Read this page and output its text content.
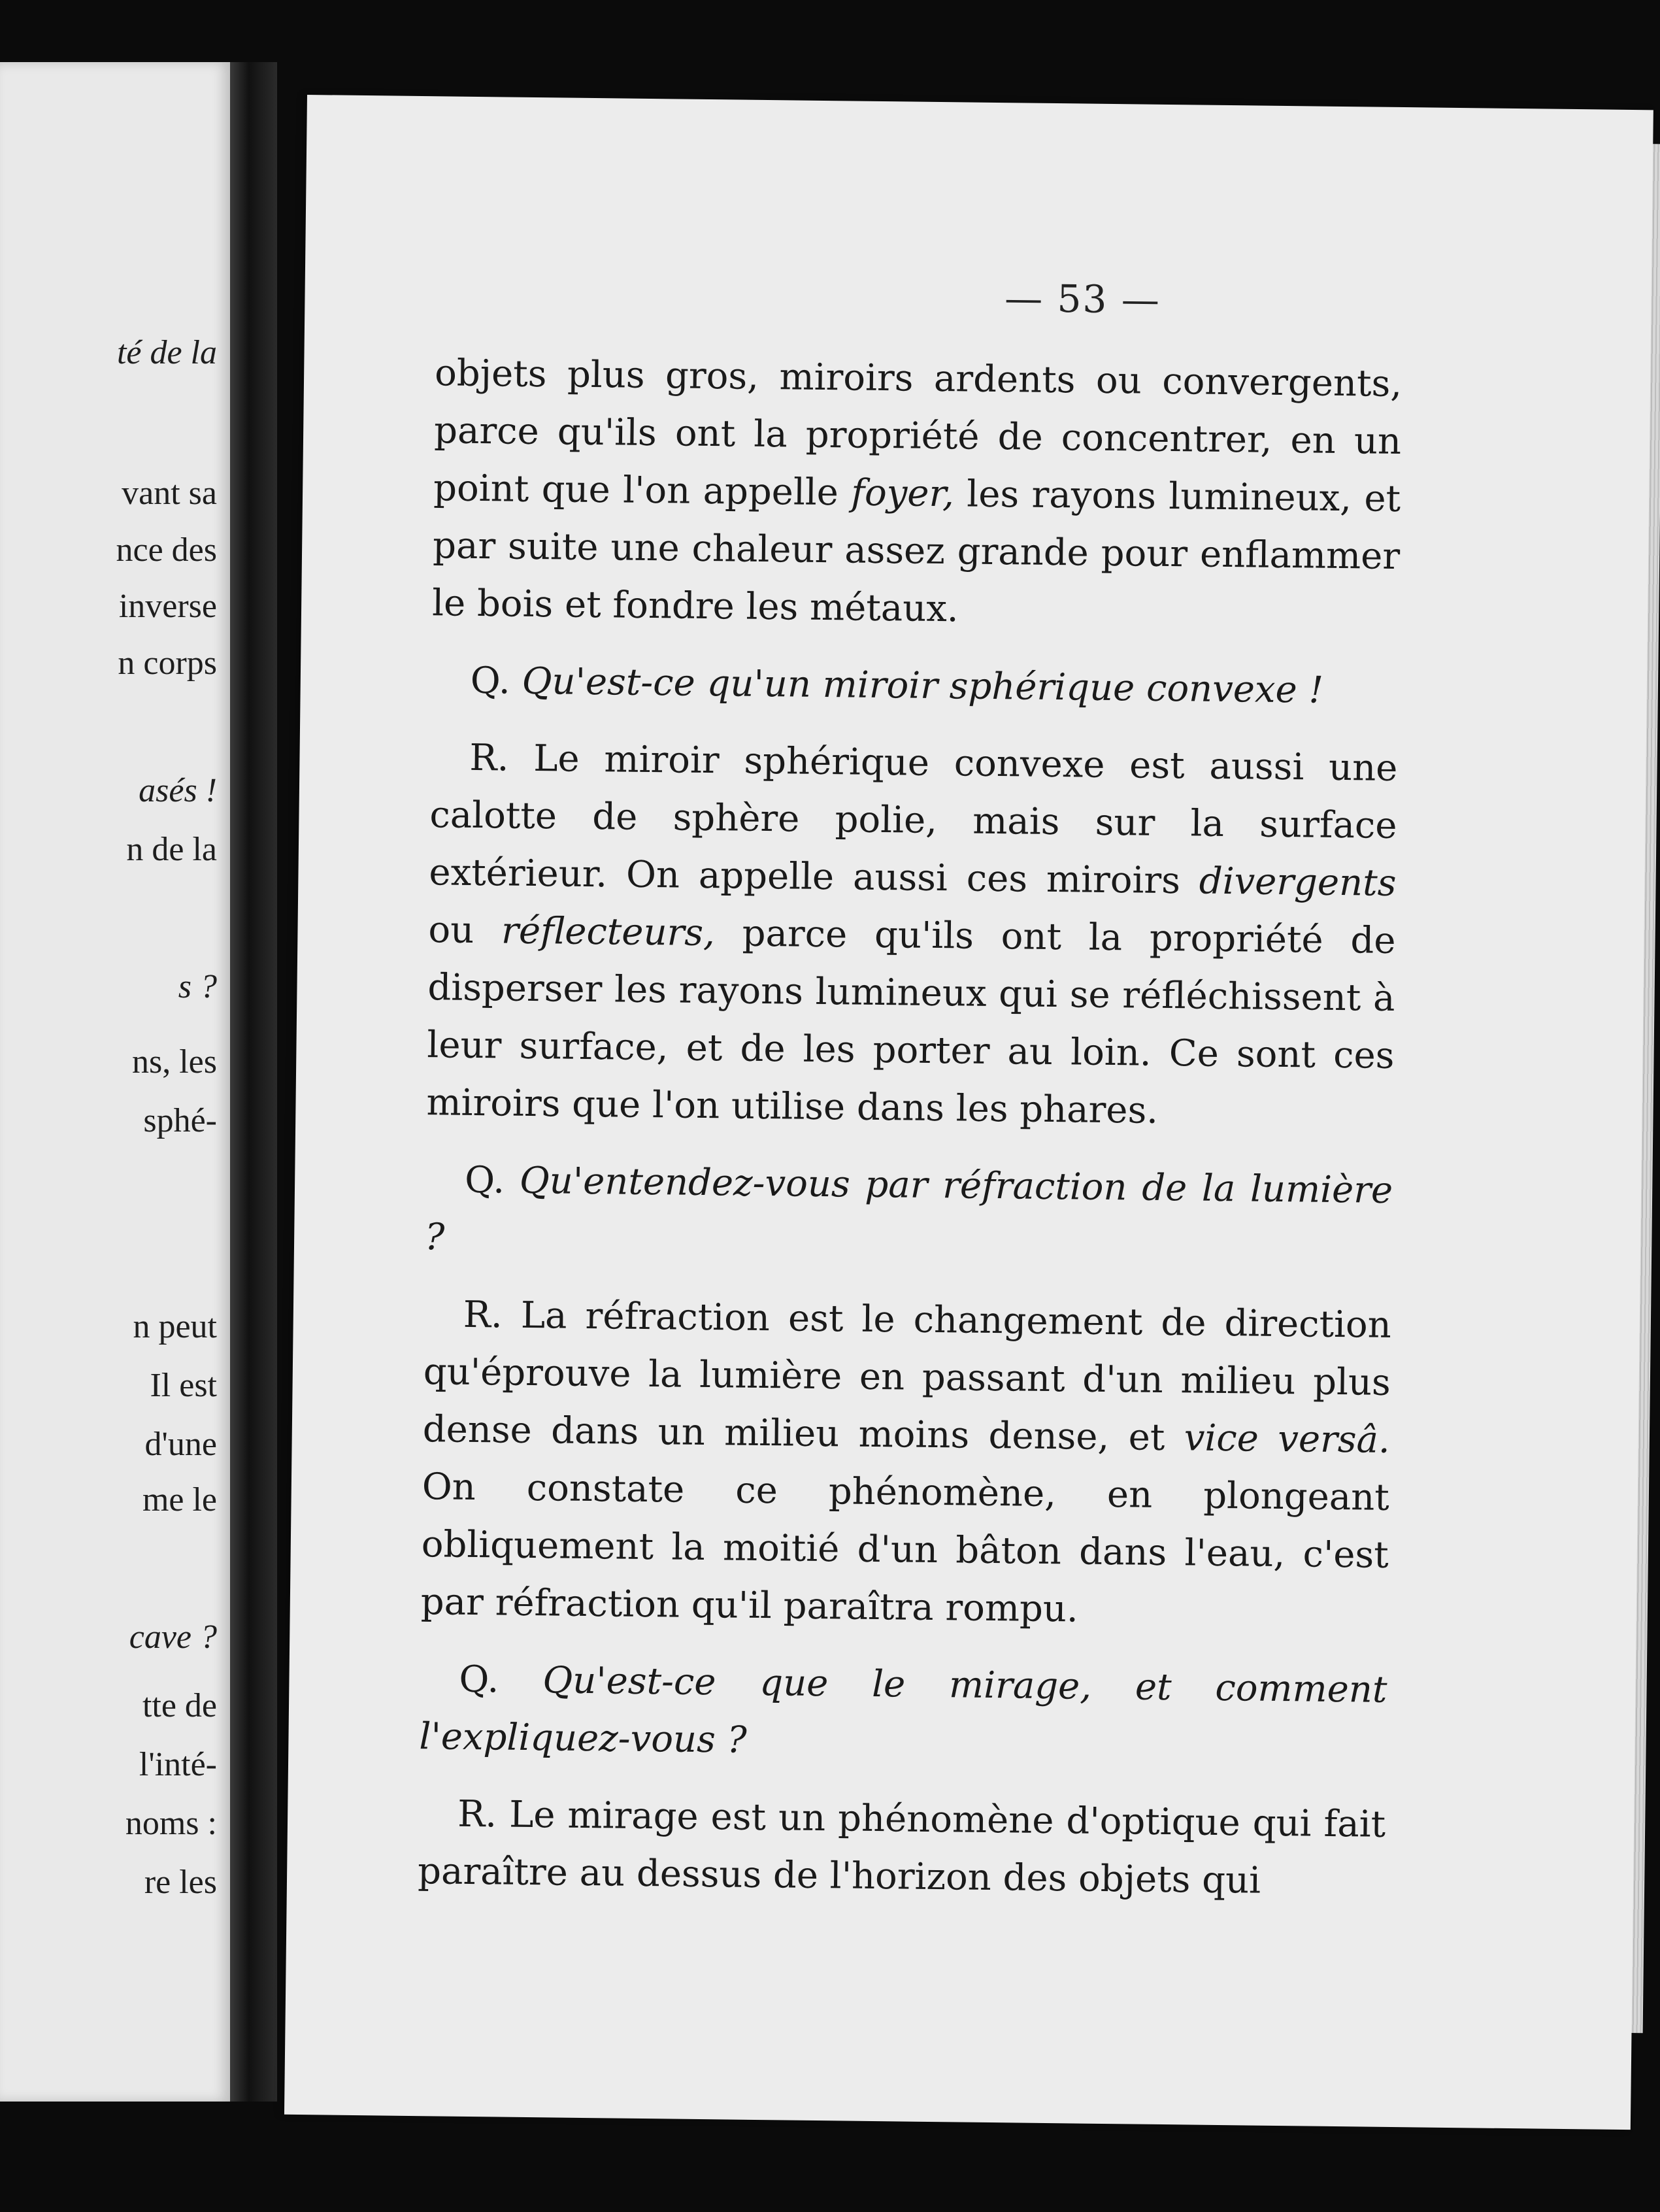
té de la
vant sa
nce des
inverse
n corps
asés !
n de la
s ?
ns, les
sphé-
n peut
Il est
d'une
me le
cave ?
tte de
l'inté-
noms :
re les
— 53 —

objets plus gros, miroirs ardents ou convergents, parce qu'ils ont la propriété de concentrer, en un point que l'on appelle foyer, les rayons lumineux, et par suite une chaleur assez grande pour enflammer le bois et fondre les métaux.

Q. Qu'est-ce qu'un miroir sphérique convexe !

R. Le miroir sphérique convexe est aussi une calotte de sphère polie, mais sur la surface extérieur. On appelle aussi ces miroirs divergents ou réflecteurs, parce qu'ils ont la propriété de disperser les rayons lumineux qui se réfléchissent à leur surface, et de les porter au loin. Ce sont ces miroirs que l'on utilise dans les phares.

Q. Qu'entendez-vous par réfraction de la lumière ?

R. La réfraction est le changement de direction qu'éprouve la lumière en passant d'un milieu plus dense dans un milieu moins dense, et vice versâ. On constate ce phénomène, en plongeant obliquement la moitié d'un bâton dans l'eau, c'est par réfraction qu'il paraîtra rompu.

Q. Qu'est-ce que le mirage, et comment l'expliquez-vous ?

R. Le mirage est un phénomène d'optique qui fait paraître au dessus de l'horizon des objets qui
